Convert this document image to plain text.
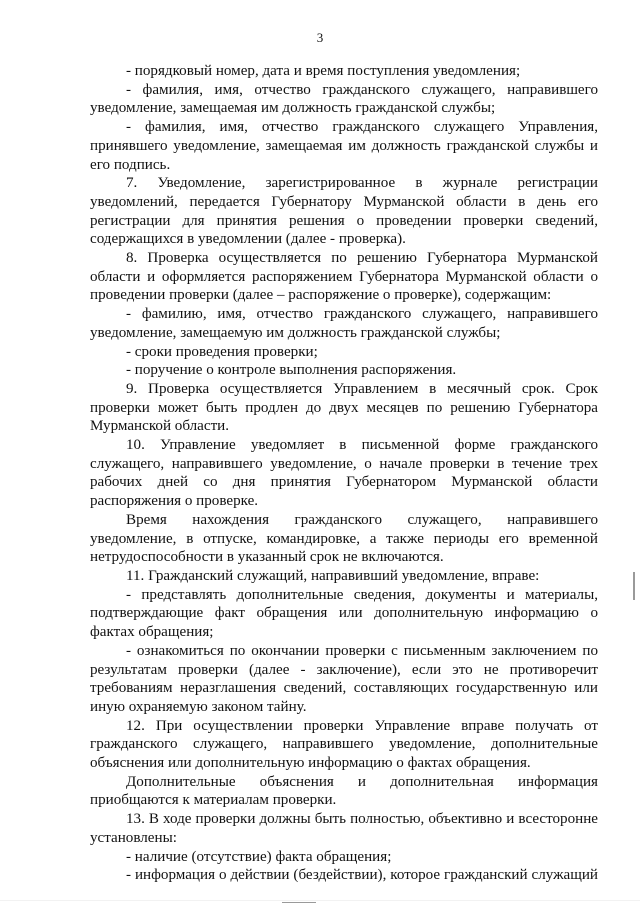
3

- порядковый номер, дата и время поступления уведомления;

- фамилия, имя, отчество гражданского служащего, направившего уведомление, замещаемая им должность гражданской службы;

- фамилия, имя, отчество гражданского служащего Управления, принявшего уведомление, замещаемая им должность гражданской службы и его подпись.

7. Уведомление, зарегистрированное в журнале регистрации уведомлений, передается Губернатору Мурманской области в день его регистрации для принятия решения о проведении проверки сведений, содержащихся в уведомлении (далее - проверка).

8. Проверка осуществляется по решению Губернатора Мурманской области и оформляется распоряжением Губернатора Мурманской области о проведении проверки (далее – распоряжение о проверке), содержащим:

- фамилию, имя, отчество гражданского служащего, направившего уведомление, замещаемую им должность гражданской службы;

- сроки проведения проверки;

- поручение о контроле выполнения распоряжения.

9. Проверка осуществляется Управлением в месячный срок. Срок проверки может быть продлен до двух месяцев по решению Губернатора Мурманской области.

10. Управление уведомляет в письменной форме гражданского служащего, направившего уведомление, о начале проверки в течение трех рабочих дней со дня принятия Губернатором Мурманской области распоряжения о проверке.

Время нахождения гражданского служащего, направившего уведомление, в отпуске, командировке, а также периоды его временной нетрудоспособности в указанный срок не включаются.

11. Гражданский служащий, направивший уведомление, вправе:

- представлять дополнительные сведения, документы и материалы, подтверждающие факт обращения или дополнительную информацию о фактах обращения;

- ознакомиться по окончании проверки с письменным заключением по результатам проверки (далее - заключение), если это не противоречит требованиям неразглашения сведений, составляющих государственную или иную охраняемую законом тайну.

12. При осуществлении проверки Управление вправе получать от гражданского служащего, направившего уведомление, дополнительные объяснения или дополнительную информацию о фактах обращения.

Дополнительные объяснения и дополнительная информация приобщаются к материалам проверки.

13. В ходе проверки должны быть полностью, объективно и всесторонне установлены:

- наличие (отсутствие) факта обращения;

- информация о действии (бездействии), которое гражданский служащий
